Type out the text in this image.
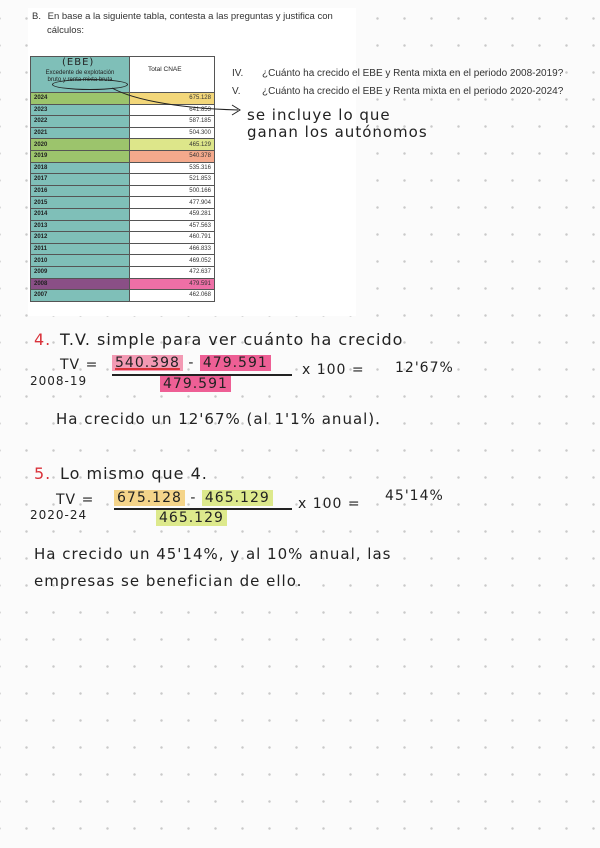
B. En base a la siguiente tabla, contesta a las preguntas y justifica con
cálculos:

2024	675.128
2023	641.853
2022	587.185
2021	504.300
2020	465.129
2019	540.378
2018	535.316
2017	521.853
2016	500.166
2015	477.904
2014	459.281
2013	457.563
2012	460.791
2011	466.833
2010	469.052
2009	472.637
2008	479.591
2007	462.068
(EBE)
Excedente de explotación
bruto y renta mixta bruta
Total CNAE	IV. ¿Cuánto ha crecido el EBE y Renta mixta en el periodo 2008-2019?
V. ¿Cuánto ha crecido el EBE y Renta mixta en el periodo 2020-2024?
se incluye lo que
ganan los autónomos
4. T.V. simple para ver cuánto ha crecido
TV =
2008-19
540.398 - 479.591
479.591
x 100 = 12'67%
Ha crecido un 12'67% (al 1'1% anual).
5. Lo mismo que 4.
TV =
2020-24
675.128 - 465.129
465.129
x 100 = 45'14%
Ha crecido un 45'14%, y al 10% anual, las
empresas se benefician de ello.
